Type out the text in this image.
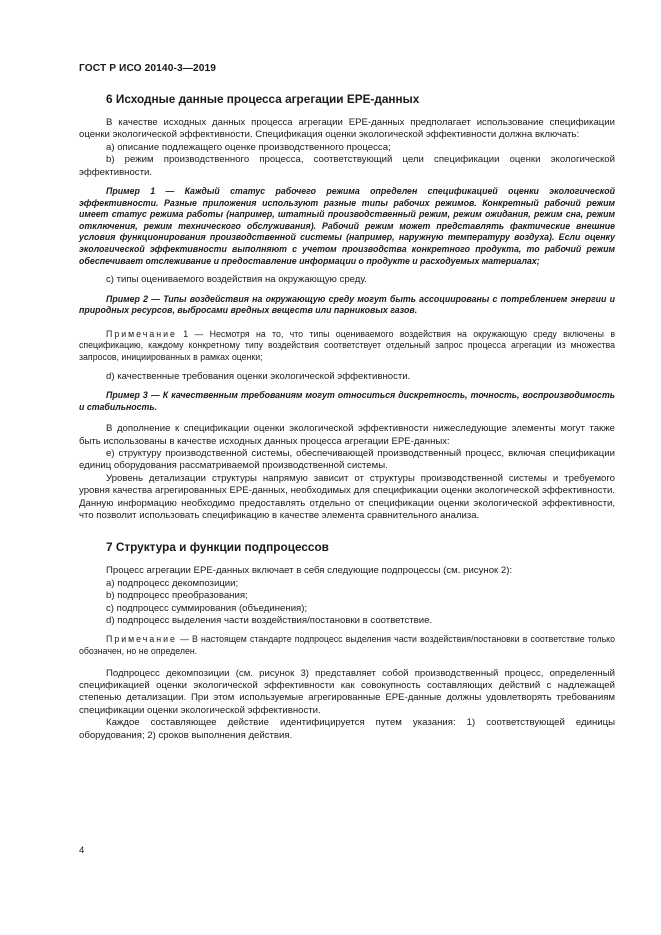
ГОСТ Р ИСО 20140-3—2019
6 Исходные данные процесса агрегации EPE-данных

В качестве исходных данных процесса агрегации EPE-данных предполагает использование спецификации оценки экологической эффективности. Спецификация оценки экологической эффективности должна включать:

а) описание подлежащего оценке производственного процесса;

b) режим производственного процесса, соответствующий цели спецификации оценки экологической эффективности.

Пример 1 — Каждый статус рабочего режима определен спецификацией оценки экологической эффективности. Разные приложения используют разные типы рабочих режимов. Конкретный рабочий режим имеет статус режима работы (например, штатный производственный режим, режим ожидания, режим сна, режим отключения, режим технического обслуживания). Рабочий режим может представлять фактические внешние условия функционирования производственной системы (например, наружную температуру воздуха). Если оценку экологической эффективности выполняют с учетом производства конкретного продукта, то рабочий режим обеспечивает отслеживание и предоставление информации о продукте и расходуемых материалах;

с) типы оцениваемого воздействия на окружающую среду.

Пример 2 — Типы воздействия на окружающую среду могут быть ассоциированы с потреблением энергии и природных ресурсов, выбросами вредных веществ или парниковых газов.

Примечание 1 — Несмотря на то, что типы оцениваемого воздействия на окружающую среду включены в спецификацию, каждому конкретному типу воздействия соответствует отдельный запрос процесса агрегации из множества запросов, инициированных в рамках оценки;

d) качественные требования оценки экологической эффективности.

Пример 3 — К качественным требованиям могут относиться дискретность, точность, воспроизводимость и стабильность.

В дополнение к спецификации оценки экологической эффективности нижеследующие элементы могут также быть использованы в качестве исходных данных процесса агрегации EPE-данных:

е) структуру производственной системы, обеспечивающей производственный процесс, включая спецификации единиц оборудования рассматриваемой производственной системы.

Уровень детализации структуры напрямую зависит от структуры производственной системы и требуемого уровня качества агрегированных EPE-данных, необходимых для спецификации оценки экологической эффективности. Данную информацию необходимо предоставлять отдельно от спецификации оценки экологической эффективности, что позволит использовать спецификацию в качестве элемента сравнительного анализа.

7 Структура и функции подпроцессов

Процесс агрегации EPE-данных включает в себя следующие подпроцессы (см. рисунок 2):

а) подпроцесс декомпозиции;

b) подпроцесс преобразования;

с) подпроцесс суммирования (объединения);

d) подпроцесс выделения части воздействия/постановки в соответствие.

Примечание — В настоящем стандарте подпроцесс выделения части воздействия/постановки в соответствие только обозначен, но не определен.

Подпроцесс декомпозиции (см. рисунок 3) представляет собой производственный процесс, определенный спецификацией оценки экологической эффективности как совокупность составляющих действий с надлежащей степенью детализации. При этом используемые агрегированные EPE-данные должны удовлетворять требованиям спецификации оценки экологической эффективности.

Каждое составляющее действие идентифицируется путем указания: 1) соответствующей единицы оборудования; 2) сроков выполнения действия.

4
